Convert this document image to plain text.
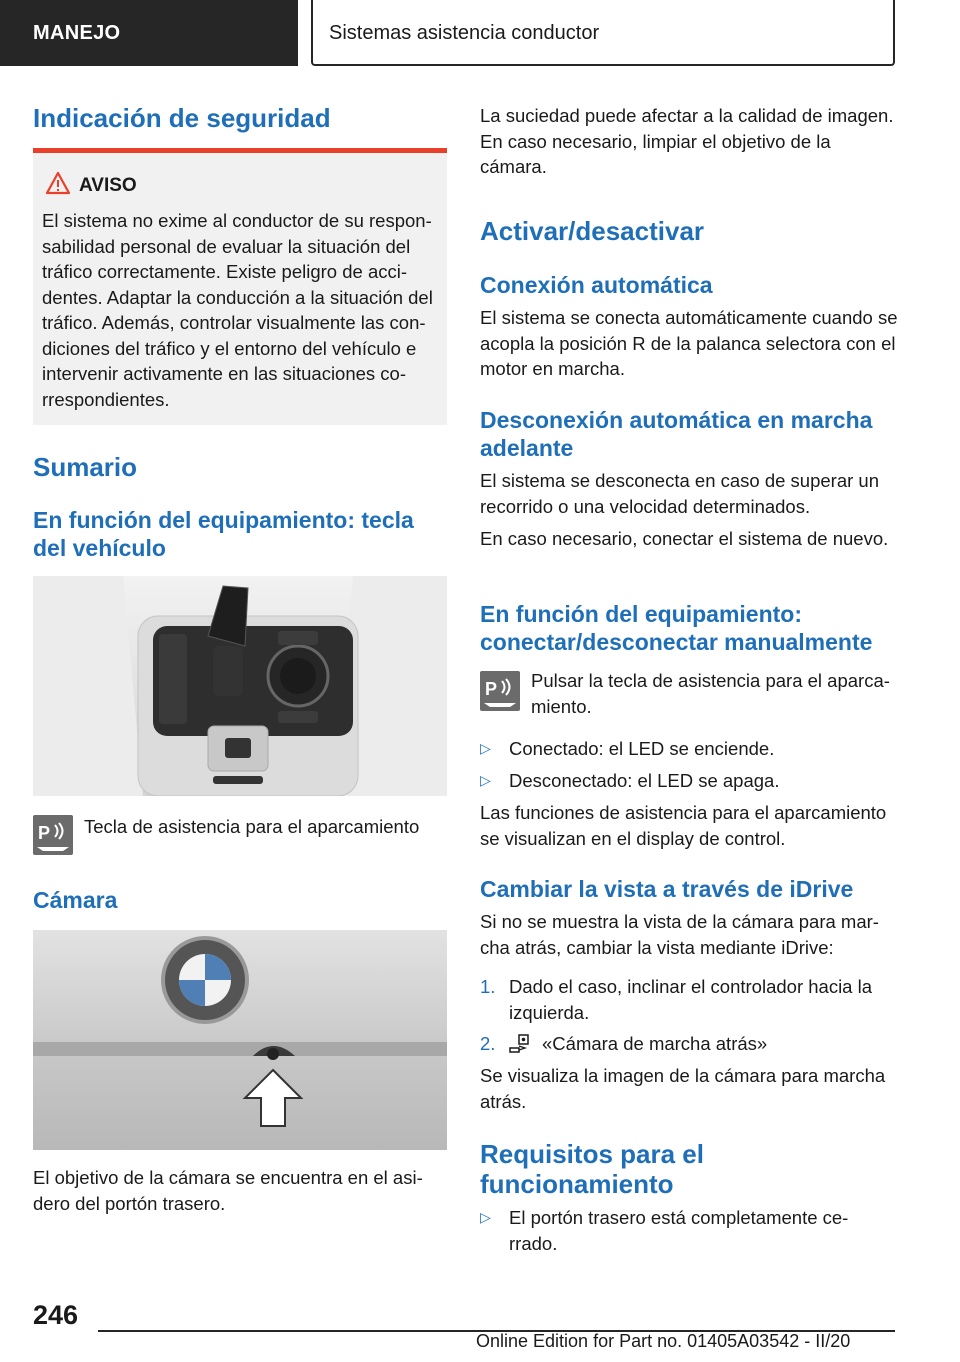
MANEJO	Sistemas asistencia conductor
Indicación de seguridad
AVISO
El sistema no exime al conductor de su responsabilidad personal de evaluar la situación del tráfico correctamente. Existe peligro de accidentes. Adaptar la conducción a la situación del tráfico. Además, controlar visualmente las condiciones del tráfico y el entorno del vehículo e intervenir activamente en las situaciones correspondientes.
Sumario
En función del equipamiento: tecla del vehículo
P Tecla de asistencia para el aparcamiento
Cámara
El objetivo de la cámara se encuentra en el asidero del portón trasero.
La suciedad puede afectar a la calidad de imagen. En caso necesario, limpiar el objetivo de la cámara.
Activar/desactivar
Conexión automática
El sistema se conecta automáticamente cuando se acopla la posición R de la palanca selectora con el motor en marcha.
Desconexión automática en marcha adelante
El sistema se desconecta en caso de superar un recorrido o una velocidad determinados.
En caso necesario, conectar el sistema de nuevo.
En función del equipamiento: conectar/desconectar manualmente
P Pulsar la tecla de asistencia para el aparcamiento.
▷ Conectado: el LED se enciende.
▷ Desconectado: el LED se apaga.
Las funciones de asistencia para el aparcamiento se visualizan en el display de control.
Cambiar la vista a través de iDrive
Si no se muestra la vista de la cámara para marcha atrás, cambiar la vista mediante iDrive:
1. Dado el caso, inclinar el controlador hacia la izquierda.
2.	«Cámara de marcha atrás»
Se visualiza la imagen de la cámara para marcha atrás.
Requisitos para el funcionamiento
▷ El portón trasero está completamente cerrado.
246
Online Edition for Part no. 01405A03542 - II/20
